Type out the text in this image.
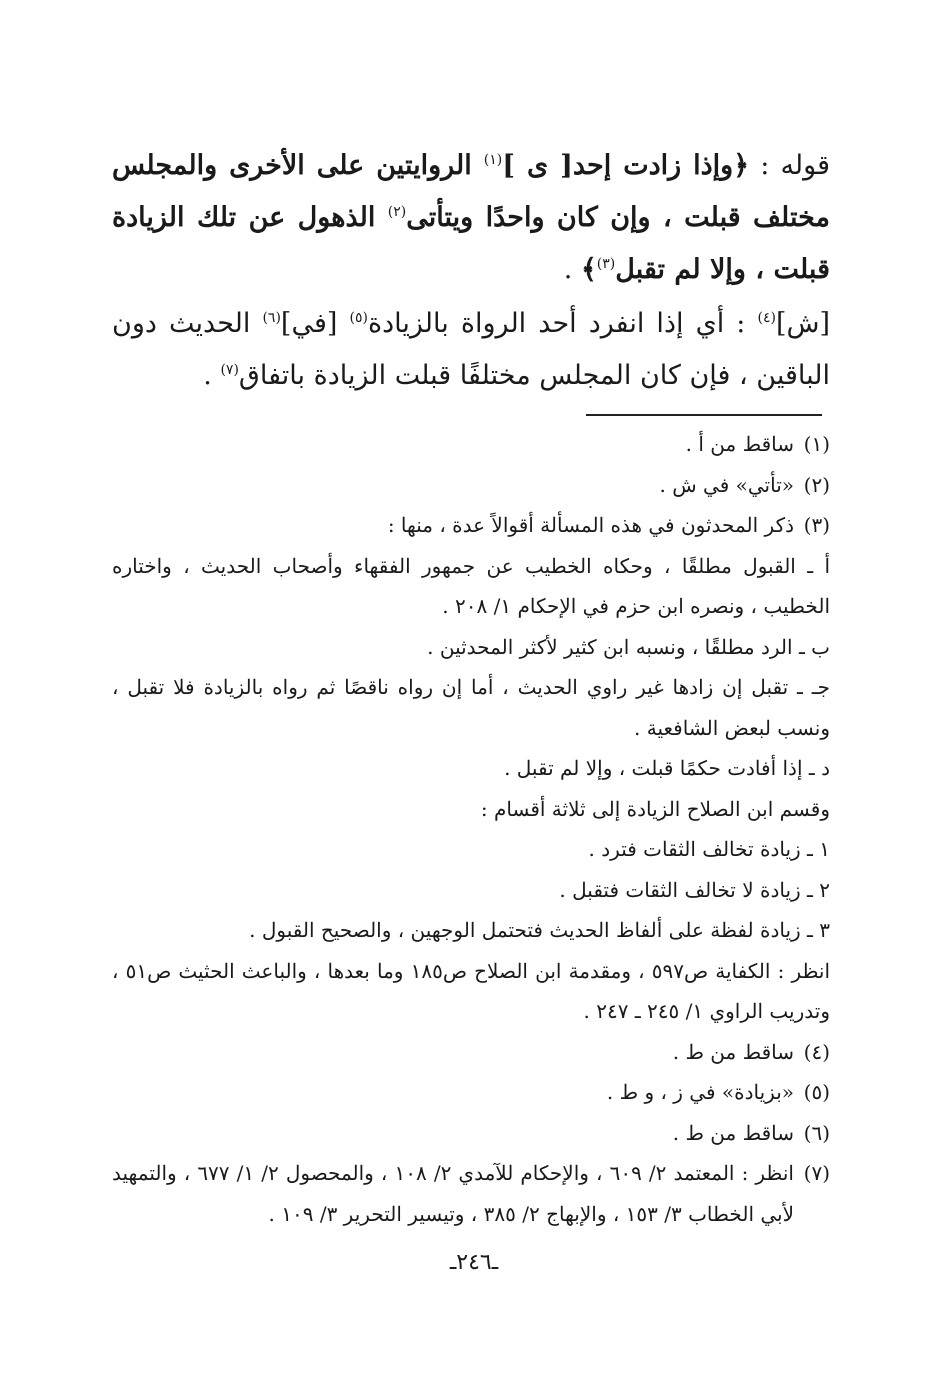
قوله : ﴿وإذا زادت إحد[ ى ]$^{(١)}$ الروايتين على الأخرى والمجلس مختلف قبلت ، وإن كان واحدًا ويتأتى$^{(٢)}$ الذهول عن تلك الزيادة قبلت ، وإلا لم تقبل$^{(٣)}$﴾ .

[ش]$^{(٤)}$ : أي إذا انفرد أحد الرواة بالزيادة$^{(٥)}$ [في]$^{(٦)}$ الحديث دون الباقين ، فإن كان المجلس مختلفًا قبلت الزيادة باتفاق$^{(٧)}$ .

(١)
ساقط من أ .
(٢)
«تأتي» في ش .
(٣)
ذكر المحدثون في هذه المسألة أقوالاً عدة ، منها :

أ ـ القبول مطلقًا ، وحكاه الخطيب عن جمهور الفقهاء وأصحاب الحديث ، واختاره الخطيب ، ونصره ابن حزم في الإحكام ١/ ٢٠٨ .

ب ـ الرد مطلقًا ، ونسبه ابن كثير لأكثر المحدثين .

جـ ـ تقبل إن زادها غير راوي الحديث ، أما إن رواه ناقصًا ثم رواه بالزيادة فلا تقبل ، ونسب لبعض الشافعية .

د ـ إذا أفادت حكمًا قبلت ، وإلا لم تقبل .

وقسم ابن الصلاح الزيادة إلى ثلاثة أقسام :

١ ـ زيادة تخالف الثقات فترد .

٢ ـ زيادة لا تخالف الثقات فتقبل .

٣ ـ زيادة لفظة على ألفاظ الحديث فتحتمل الوجهين ، والصحيح القبول .

انظر : الكفاية ص٥٩٧ ، ومقدمة ابن الصلاح ص١٨٥ وما بعدها ، والباعث الحثيث ص٥١ ، وتدريب الراوي ١/ ٢٤٥ ـ ٢٤٧ .

(٤)
ساقط من ط .
(٥)
«بزيادة» في ز ، و ط .
(٦)
ساقط من ط .
(٧)
انظر : المعتمد ٢/ ٦٠٩ ، والإحكام للآمدي ٢/ ١٠٨ ، والمحصول ٢/ ١/ ٦٧٧ ، والتمهيد لأبي الخطاب ٣/ ١٥٣ ، والإبهاج ٢/ ٣٨٥ ، وتيسير التحرير ٣/ ١٠٩ .
ـ٢٤٦ـ
